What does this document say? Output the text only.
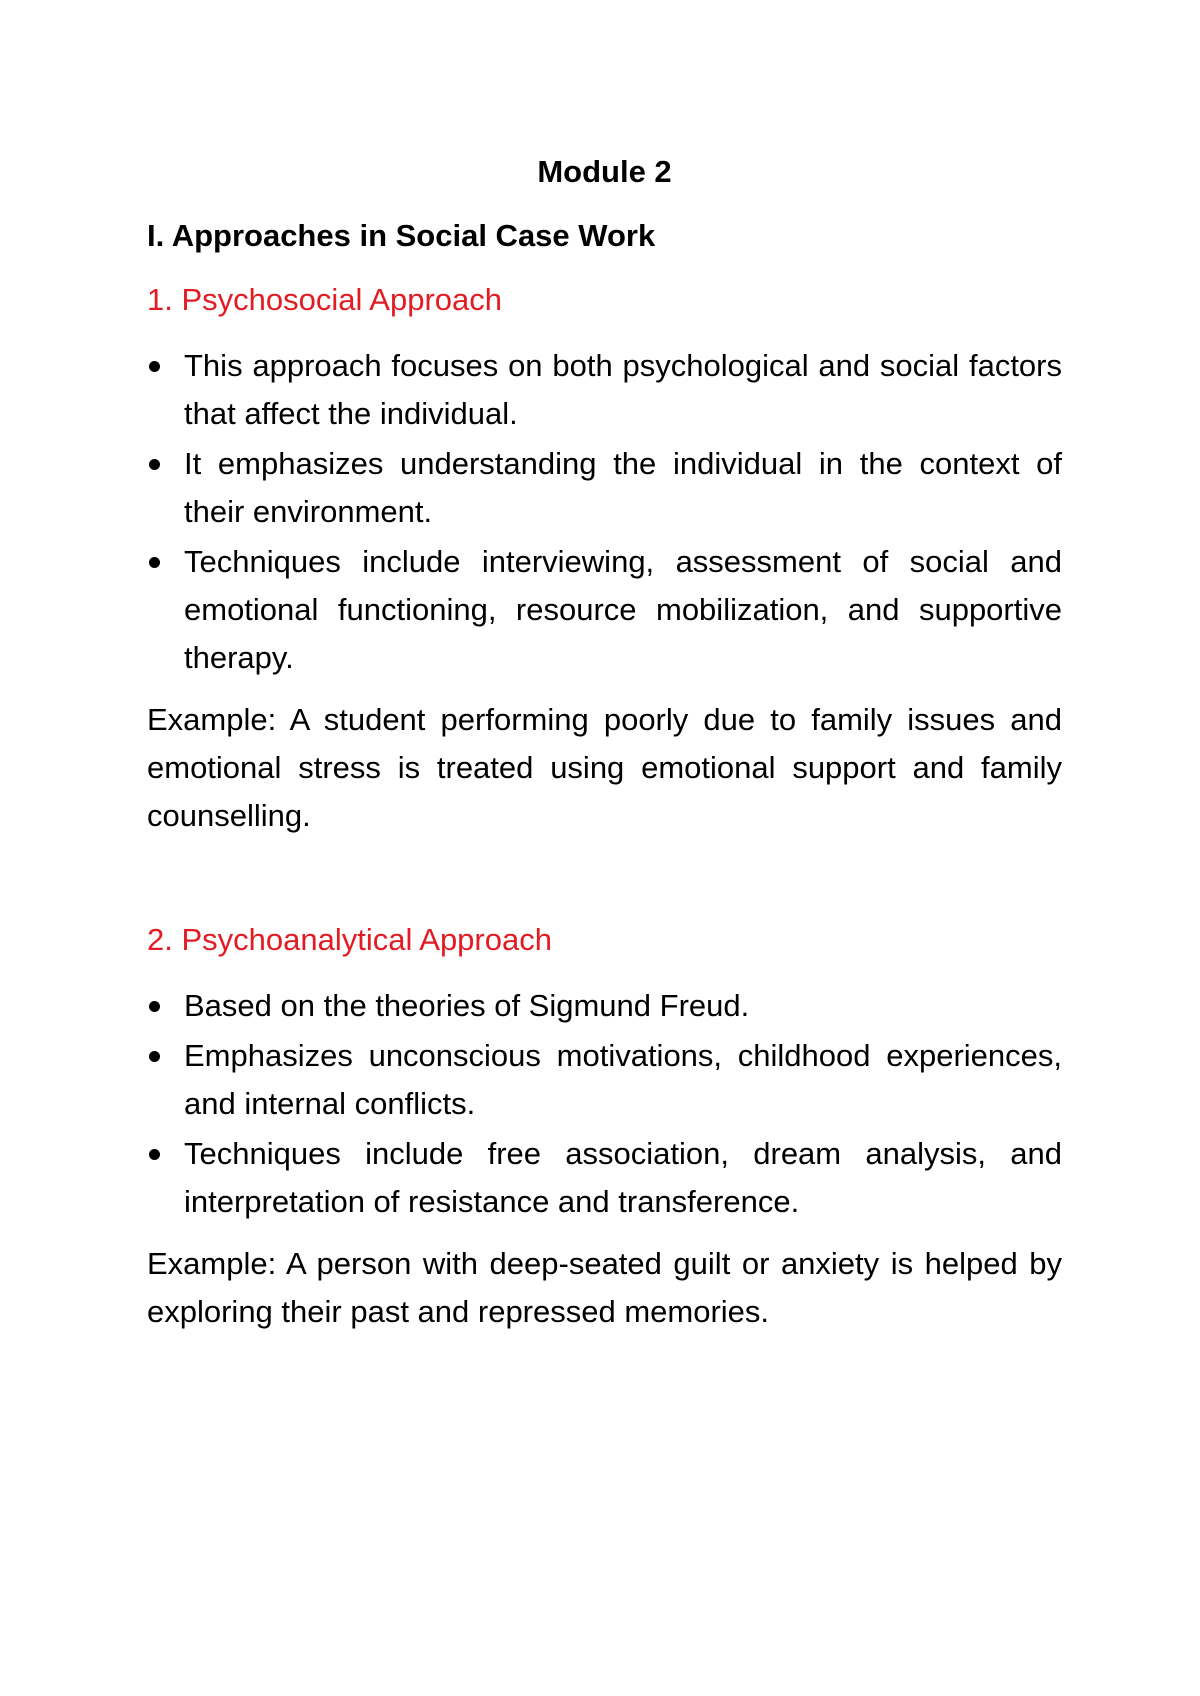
Module 2
I. Approaches in Social Case Work
1. Psychosocial Approach
This approach focuses on both psychological and social factors that affect the individual.
It emphasizes understanding the individual in the context of their environment.
Techniques include interviewing, assessment of social and emotional functioning, resource mobilization, and supportive therapy.

Example: A student performing poorly due to family issues and emotional stress is treated using emotional support and family counselling.

2. Psychoanalytical Approach
Based on the theories of Sigmund Freud.
Emphasizes unconscious motivations, childhood experiences, and internal conflicts.
Techniques include free association, dream analysis, and interpretation of resistance and transference.

Example: A person with deep-seated guilt or anxiety is helped by exploring their past and repressed memories.
